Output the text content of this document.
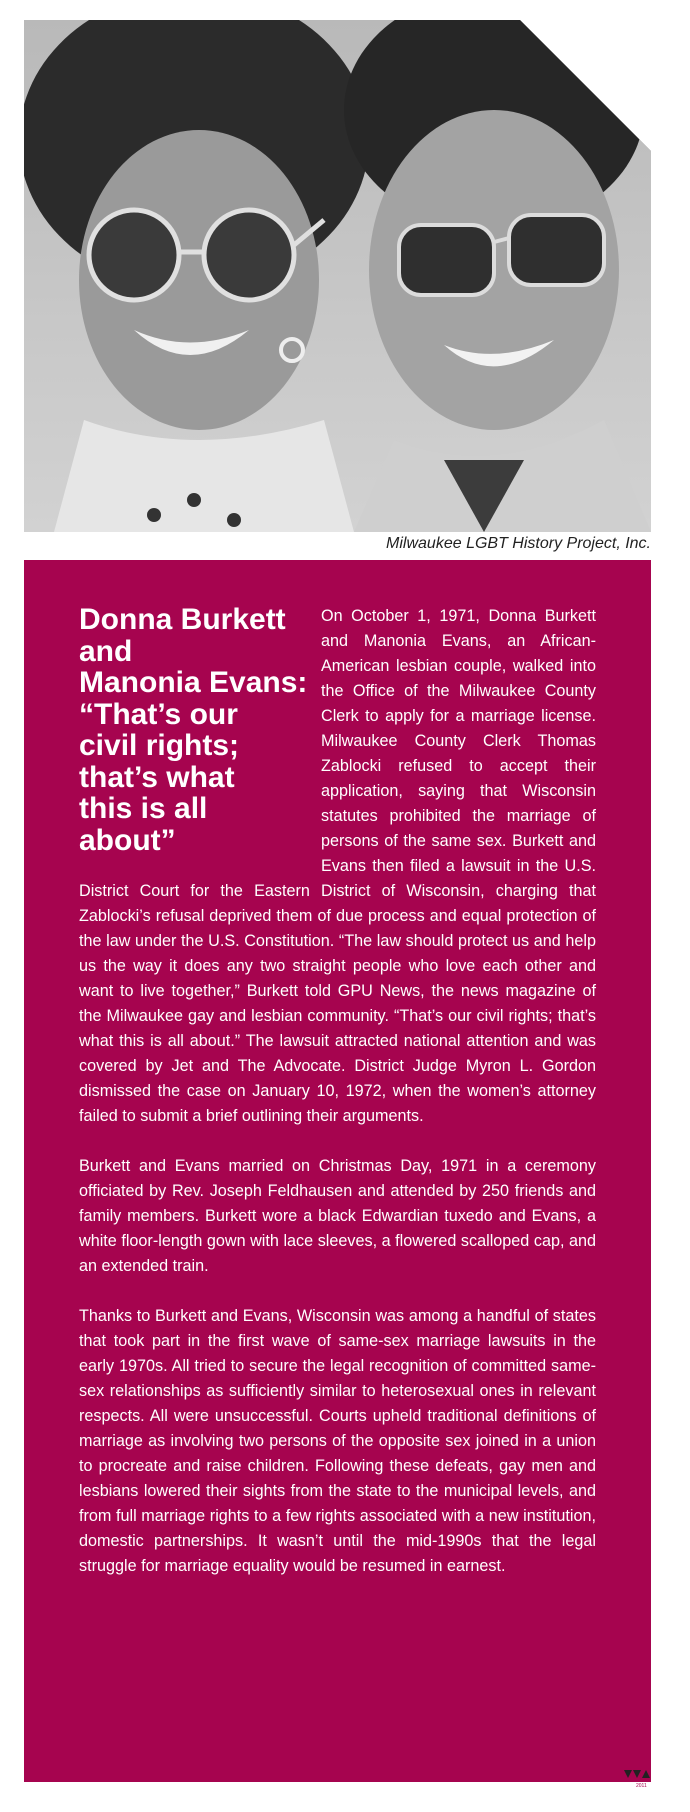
Milwaukee LGBT History Project, Inc.
Donna Burkett
and
Manonia Evans:
“That’s our
civil rights;
that’s what
this is all
about”

On October 1, 1971, Donna Burkett and Manonia Evans, an African-American lesbian couple, walked into the Office of the Milwaukee County Clerk to apply for a marriage license. Milwaukee County Clerk Thomas Zablocki refused to accept their application, saying that Wisconsin statutes prohibited the marriage of persons of the same sex. Burkett and Evans then filed a lawsuit in the U.S. District Court for the Eastern District of Wisconsin, charging that Zablocki’s refusal deprived them of due process and equal protection of the law under the U.S. Constitution. “The law should protect us and help us the way it does any two straight people who love each other and want to live together,” Burkett told GPU News, the news magazine of the Milwaukee gay and lesbian community. “That’s our civil rights; that’s what this is all about.” The lawsuit attracted national attention and was covered by Jet and The Advocate. District Judge Myron L. Gordon dismissed the case on January 10, 1972, when the women’s attorney failed to submit a brief outlining their arguments.

Burkett and Evans married on Christmas Day, 1971 in a ceremony officiated by Rev. Joseph Feldhausen and attended by 250 friends and family members. Burkett wore a black Edwardian tuxedo and Evans, a white floor-length gown with lace sleeves, a flowered scalloped cap, and an extended train.

Thanks to Burkett and Evans, Wisconsin was among a handful of states that took part in the first wave of same-sex marriage lawsuits in the early 1970s. All tried to secure the legal recognition of committed same-sex relationships as sufficiently similar to heterosexual ones in relevant respects. All were unsuccessful. Courts upheld traditional definitions of marriage as involving two persons of the opposite sex joined in a union to procreate and raise children. Following these defeats, gay men and lesbians lowered their sights from the state to the municipal levels, and from full marriage rights to a few rights associated with a new institution, domestic partnerships. It wasn’t until the mid-1990s that the legal struggle for marriage equality would be resumed in earnest.

2011
